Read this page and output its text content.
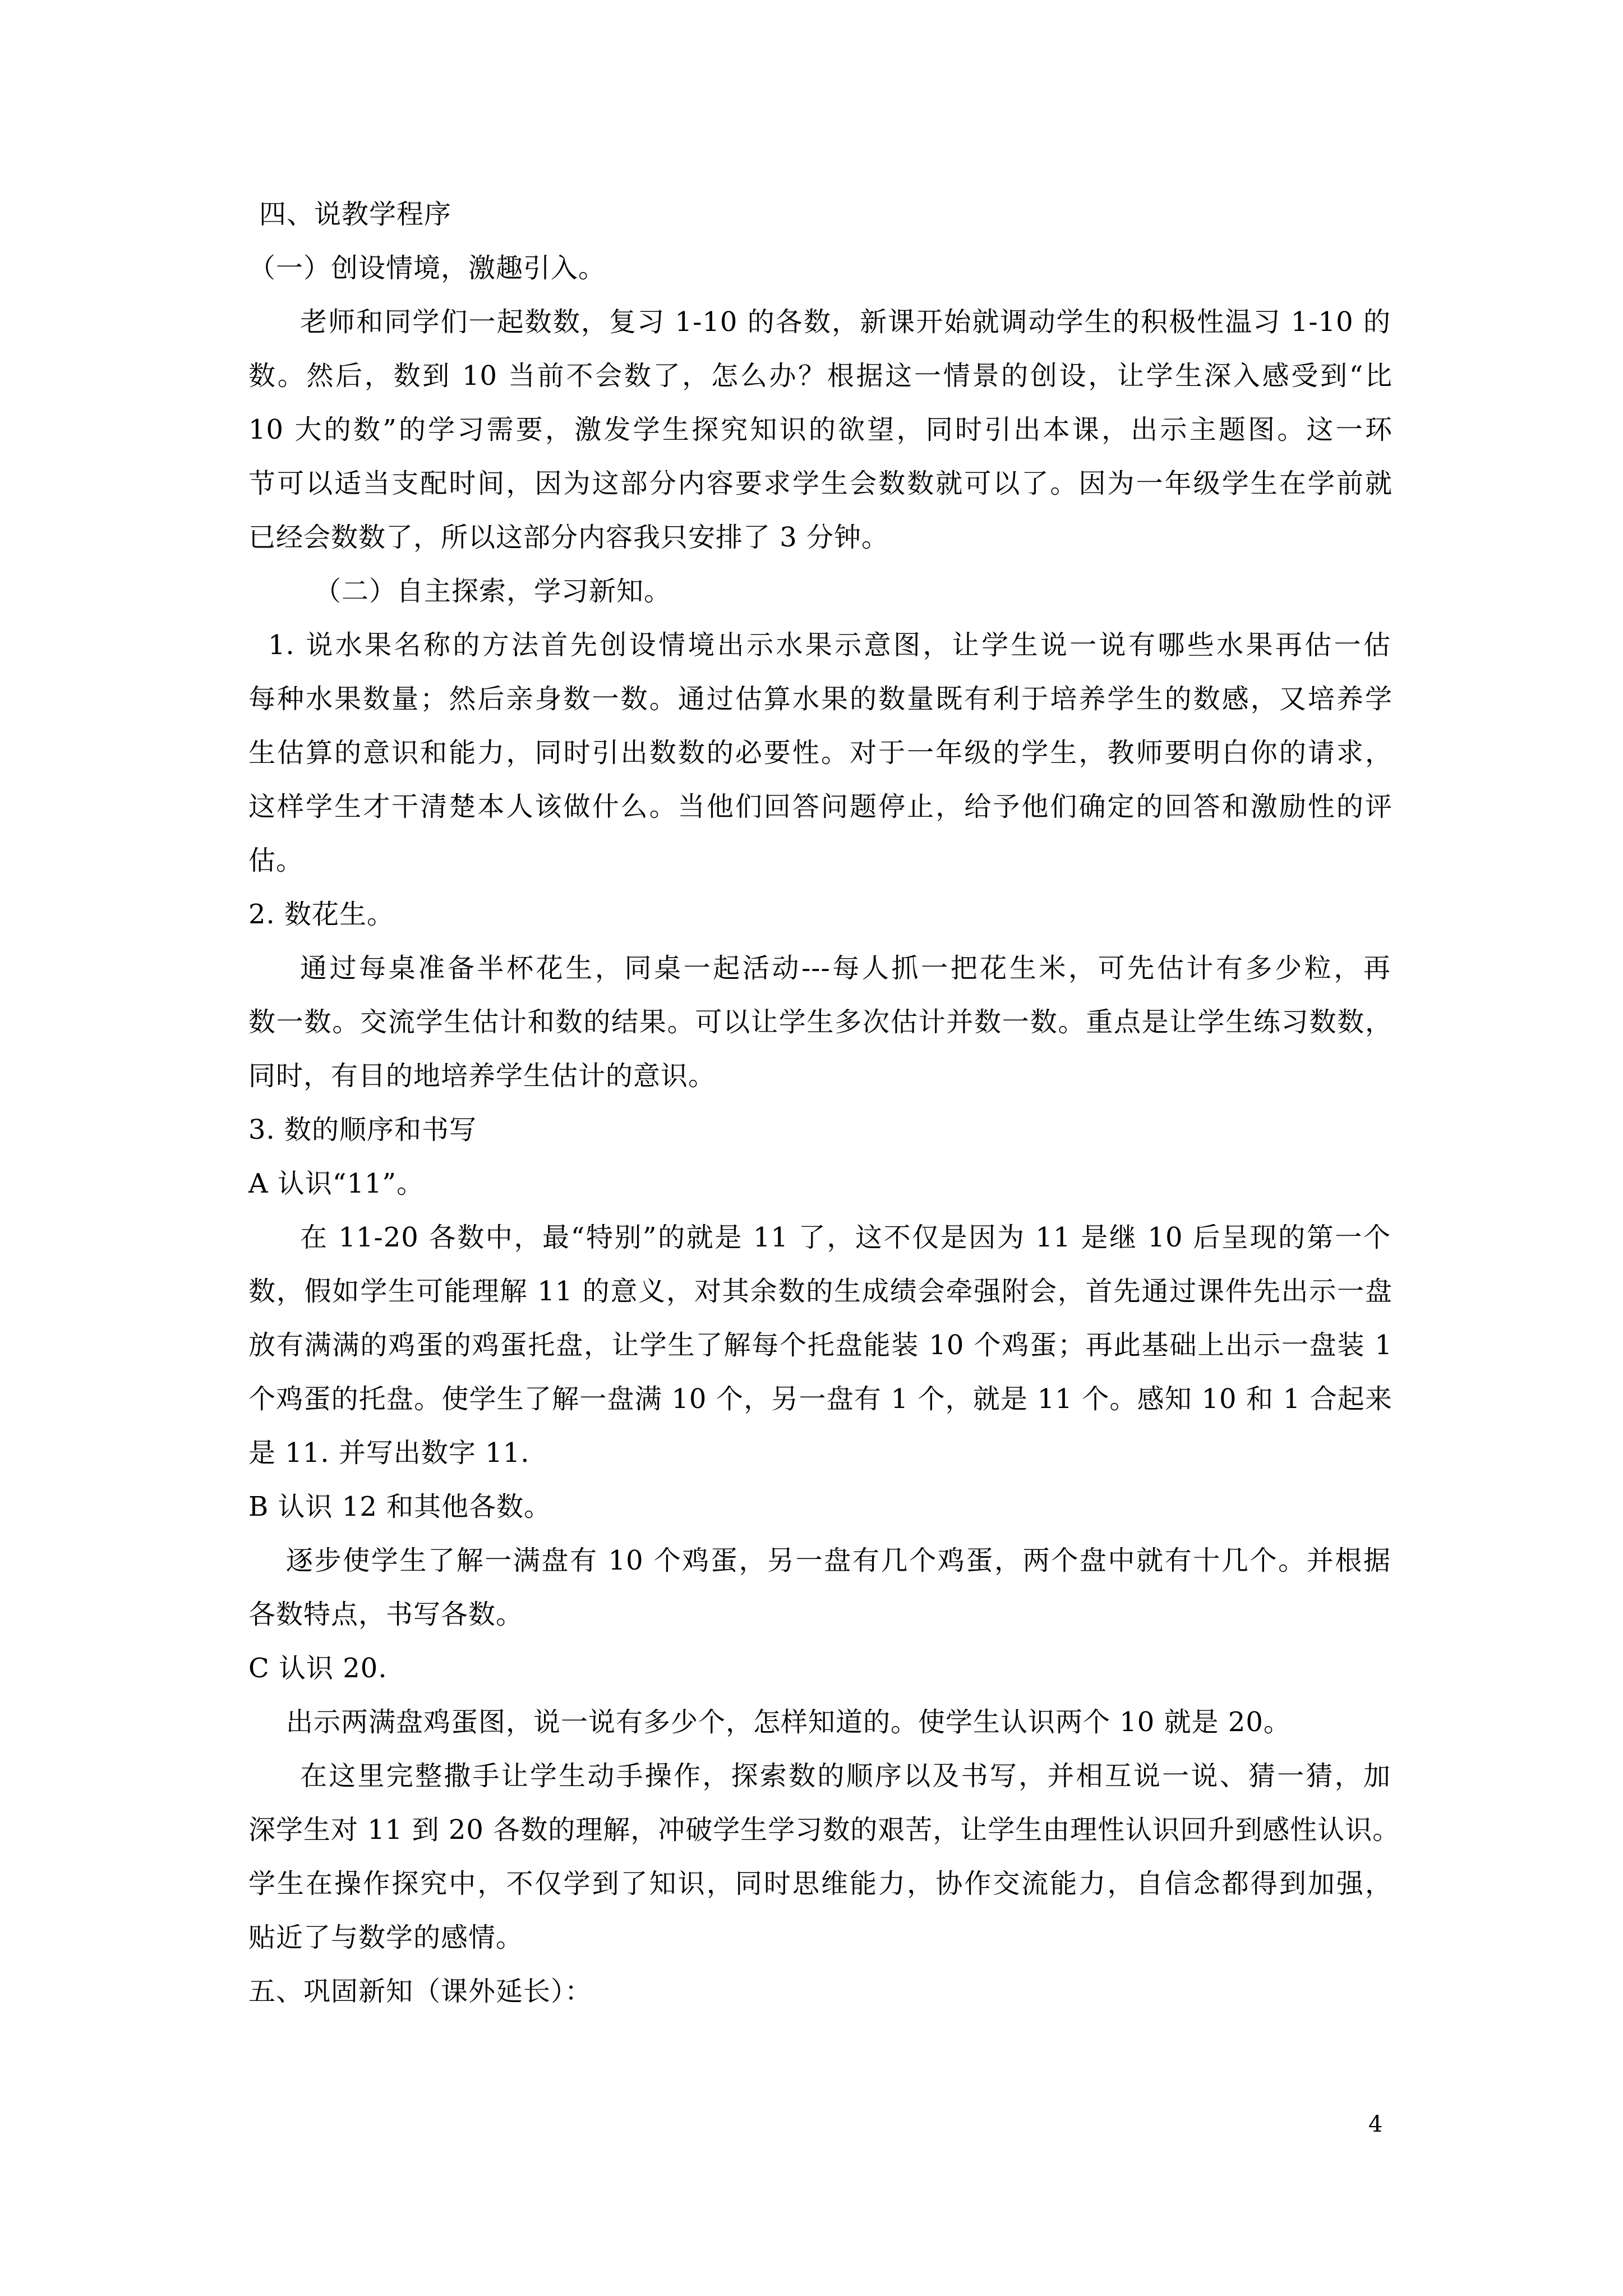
四、说教学程序
（一）创设情境，激趣引入。
老师和同学们一起数数，复习 1-10 的各数，新课开始就调动学生的积极性温习 1-10 的
数。然后，数到 10 当前不会数了，怎么办？根据这一情景的创设，让学生深入感受到“比
10 大的数”的学习需要，激发学生探究知识的欲望，同时引出本课，出示主题图。这一环
节可以适当支配时间，因为这部分内容要求学生会数数就可以了。因为一年级学生在学前就
已经会数数了，所以这部分内容我只安排了 3 分钟。
（二）自主探索，学习新知。
1. 说水果名称的方法首先创设情境出示水果示意图，让学生说一说有哪些水果再估一估
每种水果数量；然后亲身数一数。通过估算水果的数量既有利于培养学生的数感，又培养学
生估算的意识和能力，同时引出数数的必要性。对于一年级的学生，教师要明白你的请求，
这样学生才干清楚本人该做什么。当他们回答问题停止，给予他们确定的回答和激励性的评
估。
2. 数花生。
通过每桌准备半杯花生，同桌一起活动---每人抓一把花生米，可先估计有多少粒，再
数一数。交流学生估计和数的结果。可以让学生多次估计并数一数。重点是让学生练习数数，
同时，有目的地培养学生估计的意识。
3. 数的顺序和书写
A 认识“11”。
在 11-20 各数中，最“特别”的就是 11 了，这不仅是因为 11 是继 10 后呈现的第一个
数，假如学生可能理解 11 的意义，对其余数的生成绩会牵强附会，首先通过课件先出示一盘
放有满满的鸡蛋的鸡蛋托盘，让学生了解每个托盘能装 10 个鸡蛋；再此基础上出示一盘装 1
个鸡蛋的托盘。使学生了解一盘满 10 个，另一盘有 1 个，就是 11 个。感知 10 和 1 合起来
是 11. 并写出数字 11.
B 认识 12 和其他各数。
逐步使学生了解一满盘有 10 个鸡蛋，另一盘有几个鸡蛋，两个盘中就有十几个。并根据
各数特点，书写各数。
C 认识 20.
出示两满盘鸡蛋图，说一说有多少个，怎样知道的。使学生认识两个 10 就是 20。
在这里完整撒手让学生动手操作，探索数的顺序以及书写，并相互说一说、猜一猜，加
深学生对 11 到 20 各数的理解，冲破学生学习数的艰苦，让学生由理性认识回升到感性认识。
学生在操作探究中，不仅学到了知识，同时思维能力，协作交流能力，自信念都得到加强，
贴近了与数学的感情。
五、巩固新知（课外延长）：
4
